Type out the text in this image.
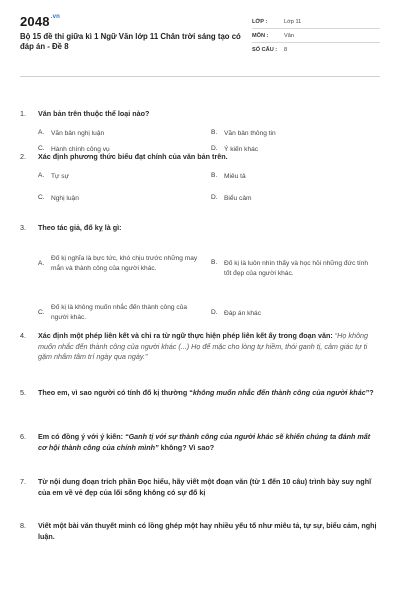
$2048^{.vn}$
Bộ 15 đề thi giữa kì 1 Ngữ Văn lớp 11 Chân trời sáng tạo có đáp án - Đề 8
LỚP :	Lớp 11
MÔN :	Văn
SỐ CÂU :	8
1.	Văn bản trên thuộc thể loại nào?
A.	Văn bản nghị luận	B.	Văn bản thông tin
C. Hành chính công vụ	D. Ý kiến khác
2.	Xác định phương thức biểu đạt chính của văn bản trên.
A.	Tự sự	B.	Miêu tả
C. Nghị luận	D. Biểu cảm
3.	Theo tác giả, đố kỵ là gì:
A.
Đố kị nghĩa là bực tức, khó chịu trước những may mắn và thành công của người khác.
B.	Đố kị là luôn nhìn thấy và học hỏi những đức tính tốt đẹp của người khác.
C.
Đố kị là không muốn nhắc đến thành công của người khác.
D. Đáp án khác
4.	Xác định một phép liên kết và chỉ ra từ ngữ thực hiện phép liên kết ấy trong đoạn văn: “Họ không muốn nhắc đến thành công của người khác (...) Họ để mặc cho lòng tự hiềm, thói ganh tị, cảm giác tự ti gặm nhấm tâm trí ngày qua ngày.”
5.	Theo em, vì sao người có tính đố kị thường “không muốn nhắc đến thành công của người khác”?
6.	Em có đồng ý với ý kiến: “Ganh tị với sự thành công của người khác sẽ khiến chúng ta đánh mất cơ hội thành công của chính mình” không? Vì sao?
7.	Từ nội dung đoạn trích phần Đọc hiểu, hãy viết một đoạn văn (từ 1 đến 10 câu) trình bày suy nghĩ của em về vẻ đẹp của lối sống không có sự đố kị
8.	Viết một bài văn thuyết minh có lồng ghép một hay nhiều yếu tố như miêu tả, tự sự, biểu cảm, nghị luận.
